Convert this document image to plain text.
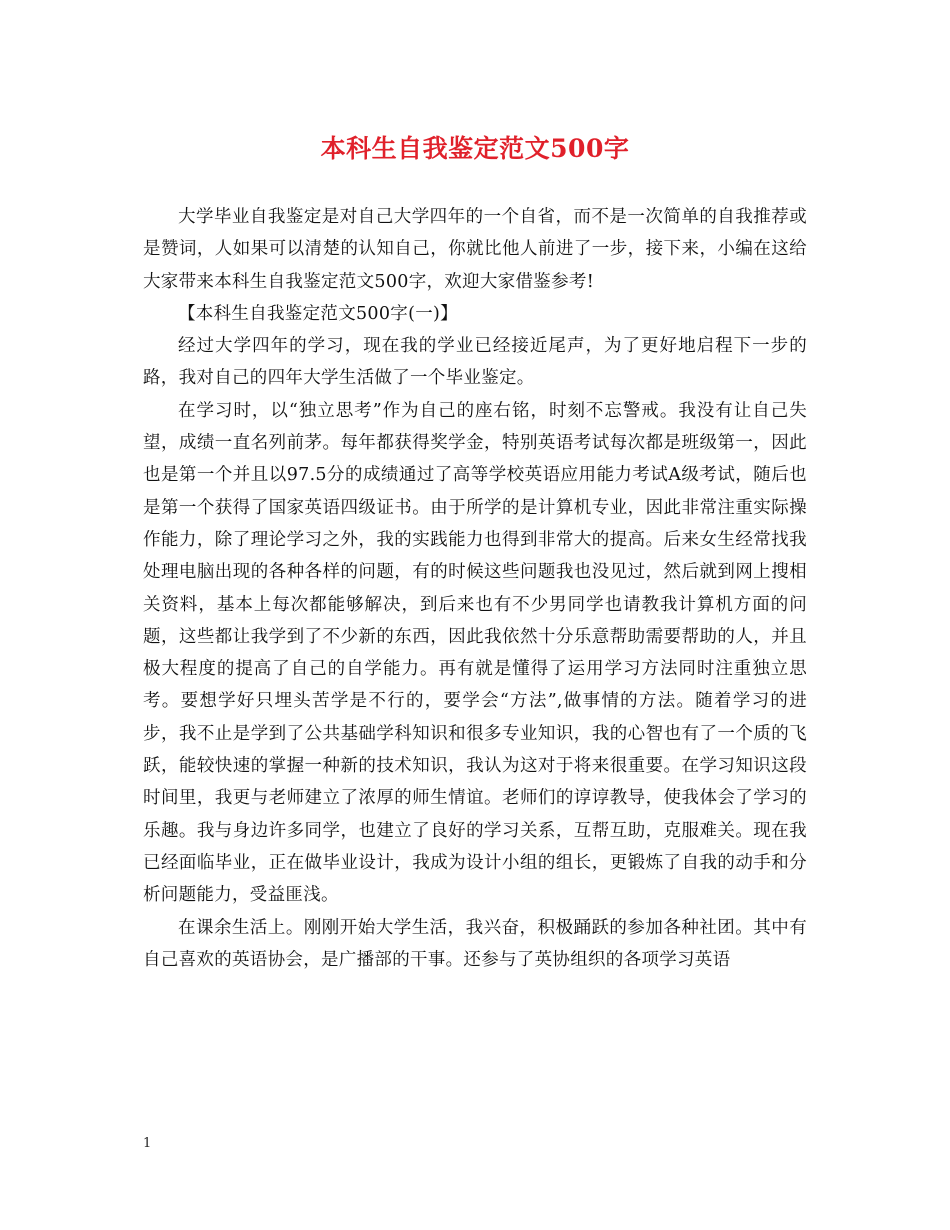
本科生自我鉴定范文500字

大学毕业自我鉴定是对自己大学四年的一个自省，而不是一次简单的自我推荐或是赞词，人如果可以清楚的认知自己，你就比他人前进了一步，接下来，小编在这给大家带来本科生自我鉴定范文500字，欢迎大家借鉴参考!

【本科生自我鉴定范文500字(一)】

经过大学四年的学习，现在我的学业已经接近尾声，为了更好地启程下一步的路，我对自己的四年大学生活做了一个毕业鉴定。

在学习时，以“独立思考”作为自己的座右铭，时刻不忘警戒。我没有让自己失望，成绩一直名列前茅。每年都获得奖学金，特别英语考试每次都是班级第一，因此也是第一个并且以97.5分的成绩通过了高等学校英语应用能力考试A级考试，随后也是第一个获得了国家英语四级证书。由于所学的是计算机专业，因此非常注重实际操作能力，除了理论学习之外，我的实践能力也得到非常大的提高。后来女生经常找我处理电脑出现的各种各样的问题，有的时候这些问题我也没见过，然后就到网上搜相关资料，基本上每次都能够解决，到后来也有不少男同学也请教我计算机方面的问题，这些都让我学到了不少新的东西，因此我依然十分乐意帮助需要帮助的人，并且极大程度的提高了自己的自学能力。再有就是懂得了运用学习方法同时注重独立思考。要想学好只埋头苦学是不行的，要学会“方法”,做事情的方法。随着学习的进步，我不止是学到了公共基础学科知识和很多专业知识，我的心智也有了一个质的飞跃，能较快速的掌握一种新的技术知识，我认为这对于将来很重要。在学习知识这段时间里，我更与老师建立了浓厚的师生情谊。老师们的谆谆教导，使我体会了学习的乐趣。我与身边许多同学，也建立了良好的学习关系，互帮互助，克服难关。现在我已经面临毕业，正在做毕业设计，我成为设计小组的组长，更锻炼了自我的动手和分析问题能力，受益匪浅。

在课余生活上。刚刚开始大学生活，我兴奋，积极踊跃的参加各种社团。其中有自己喜欢的英语协会，是广播部的干事。还参与了英协组织的各项学习英语

1
